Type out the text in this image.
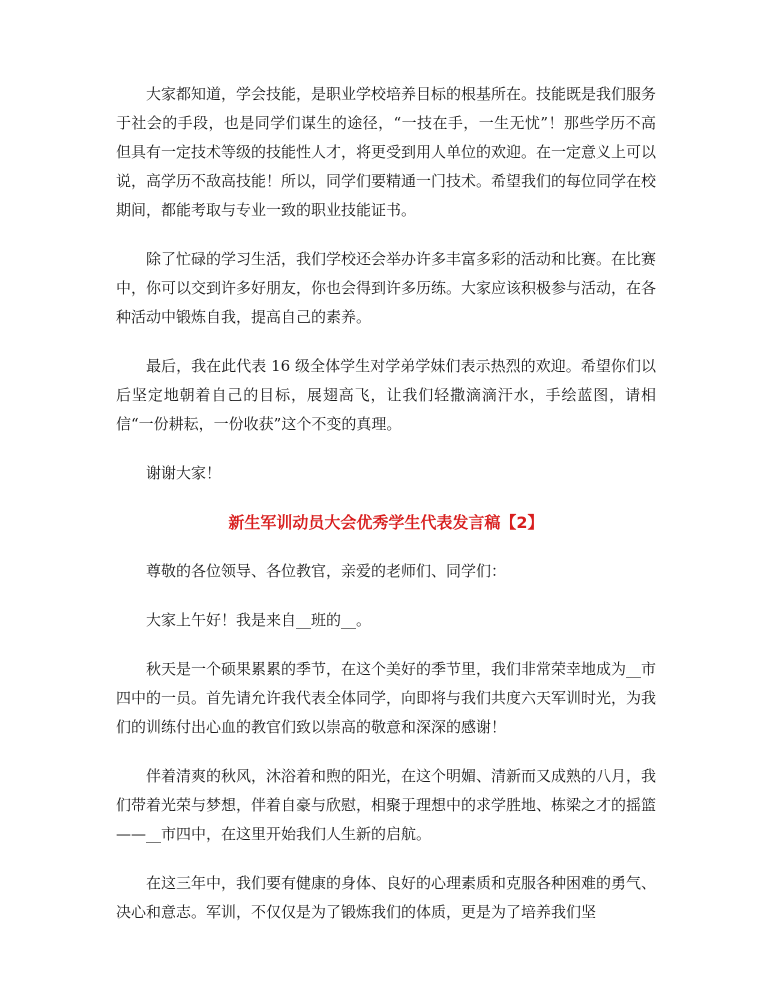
大家都知道，学会技能，是职业学校培养目标的根基所在。技能既是我们服务于社会的手段，也是同学们谋生的途径，“一技在手，一生无忧”！那些学历不高但具有一定技术等级的技能性人才，将更受到用人单位的欢迎。在一定意义上可以说，高学历不敌高技能！所以，同学们要精通一门技术。希望我们的每位同学在校期间，都能考取与专业一致的职业技能证书。

除了忙碌的学习生活，我们学校还会举办许多丰富多彩的活动和比赛。在比赛中，你可以交到许多好朋友，你也会得到许多历练。大家应该积极参与活动，在各种活动中锻炼自我，提高自己的素养。

最后，我在此代表 16 级全体学生对学弟学妹们表示热烈的欢迎。希望你们以后坚定地朝着自己的目标，展翅高飞，让我们轻撒滴滴汗水，手绘蓝图，请相信“一份耕耘，一份收获”这个不变的真理。

谢谢大家！

新生军训动员大会优秀学生代表发言稿【2】

尊敬的各位领导、各位教官，亲爱的老师们、同学们：

大家上午好！我是来自__班的__。

秋天是一个硕果累累的季节，在这个美好的季节里，我们非常荣幸地成为__市四中的一员。首先请允许我代表全体同学，向即将与我们共度六天军训时光，为我们的训练付出心血的教官们致以崇高的敬意和深深的感谢！

伴着清爽的秋风，沐浴着和煦的阳光，在这个明媚、清新而又成熟的八月，我们带着光荣与梦想，伴着自豪与欣慰，相聚于理想中的求学胜地、栋梁之才的摇篮——__市四中，在这里开始我们人生新的启航。

在这三年中，我们要有健康的身体、良好的心理素质和克服各种困难的勇气、决心和意志。军训，不仅仅是为了锻炼我们的体质，更是为了培养我们坚
